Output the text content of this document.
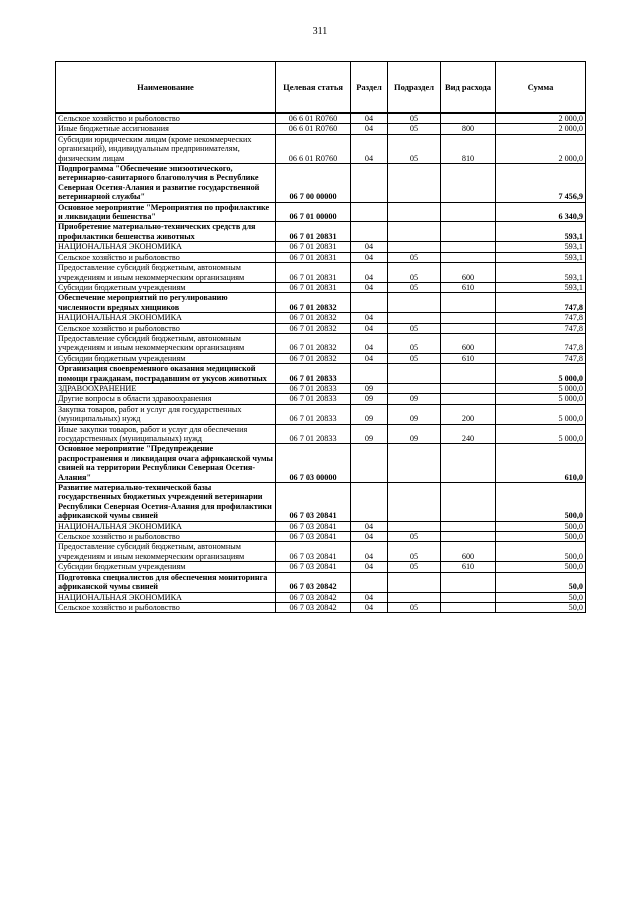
311
Наименование	Целевая статья	Раздел	Подраздел	Вид расхода	Сумма
Сельское хозяйство и рыболовство	06 6 01 R0760	04	05		2 000,0
Иные бюджетные ассигнования	06 6 01 R0760	04	05	800	2 000,0
Субсидии юридическим лицам (кроме некоммерческих организаций), индивидуальным предпринимателям, физическим лицам	06 6 01 R0760	04	05	810	2 000,0
Подпрограмма "Обеспечение эпизоотического, ветеринарно-санитарного благополучия в Республике Северная Осетия-Алания и развитие государственной ветеринарной службы"	06 7 00 00000				7 456,9
Основное мероприятие "Мероприятия по профилактике и ликвидации бешенства"	06 7 01 00000				6 340,9
Приобретение материально-технических средств для профилактики бешенства животных	06 7 01 20831				593,1
НАЦИОНАЛЬНАЯ ЭКОНОМИКА	06 7 01 20831	04			593,1
Сельское хозяйство и рыболовство	06 7 01 20831	04	05		593,1
Предоставление субсидий бюджетным, автономным учреждениям и иным некоммерческим организациям	06 7 01 20831	04	05	600	593,1
Субсидии бюджетным учреждениям	06 7 01 20831	04	05	610	593,1
Обеспечение мероприятий по регулированию численности вредных хищников	06 7 01 20832				747,8
НАЦИОНАЛЬНАЯ ЭКОНОМИКА	06 7 01 20832	04			747,8
Сельское хозяйство и рыболовство	06 7 01 20832	04	05		747,8
Предоставление субсидий бюджетным, автономным учреждениям и иным некоммерческим организациям	06 7 01 20832	04	05	600	747,8
Субсидии бюджетным учреждениям	06 7 01 20832	04	05	610	747,8
Организация своевременного оказания медицинской помощи гражданам, пострадавшим от укусов животных	06 7 01 20833				5 000,0
ЗДРАВООХРАНЕНИЕ	06 7 01 20833	09			5 000,0
Другие вопросы в области здравоохранения	06 7 01 20833	09	09		5 000,0
Закупка товаров, работ и услуг для государственных (муниципальных) нужд	06 7 01 20833	09	09	200	5 000,0
Иные закупки товаров, работ и услуг для обеспечения государственных (муниципальных) нужд	06 7 01 20833	09	09	240	5 000,0
Основное мероприятие "Предупреждение распространения и ликвидация очага африканской чумы свиней на территории Республики Северная Осетия-Алания"	06 7 03 00000				610,0
Развитие материально-технической базы государственных бюджетных учреждений ветеринарии Республики Северная Осетия-Алания для профилактики африканской чумы свиней	06 7 03 20841				500,0
НАЦИОНАЛЬНАЯ ЭКОНОМИКА	06 7 03 20841	04			500,0
Сельское хозяйство и рыболовство	06 7 03 20841	04	05		500,0
Предоставление субсидий бюджетным, автономным учреждениям и иным некоммерческим организациям	06 7 03 20841	04	05	600	500,0
Субсидии бюджетным учреждениям	06 7 03 20841	04	05	610	500,0
Подготовка специалистов для обеспечения мониторинга африканской чумы свиней	06 7 03 20842				50,0
НАЦИОНАЛЬНАЯ ЭКОНОМИКА	06 7 03 20842	04			50,0
Сельское хозяйство и рыболовство	06 7 03 20842	04	05		50,0
